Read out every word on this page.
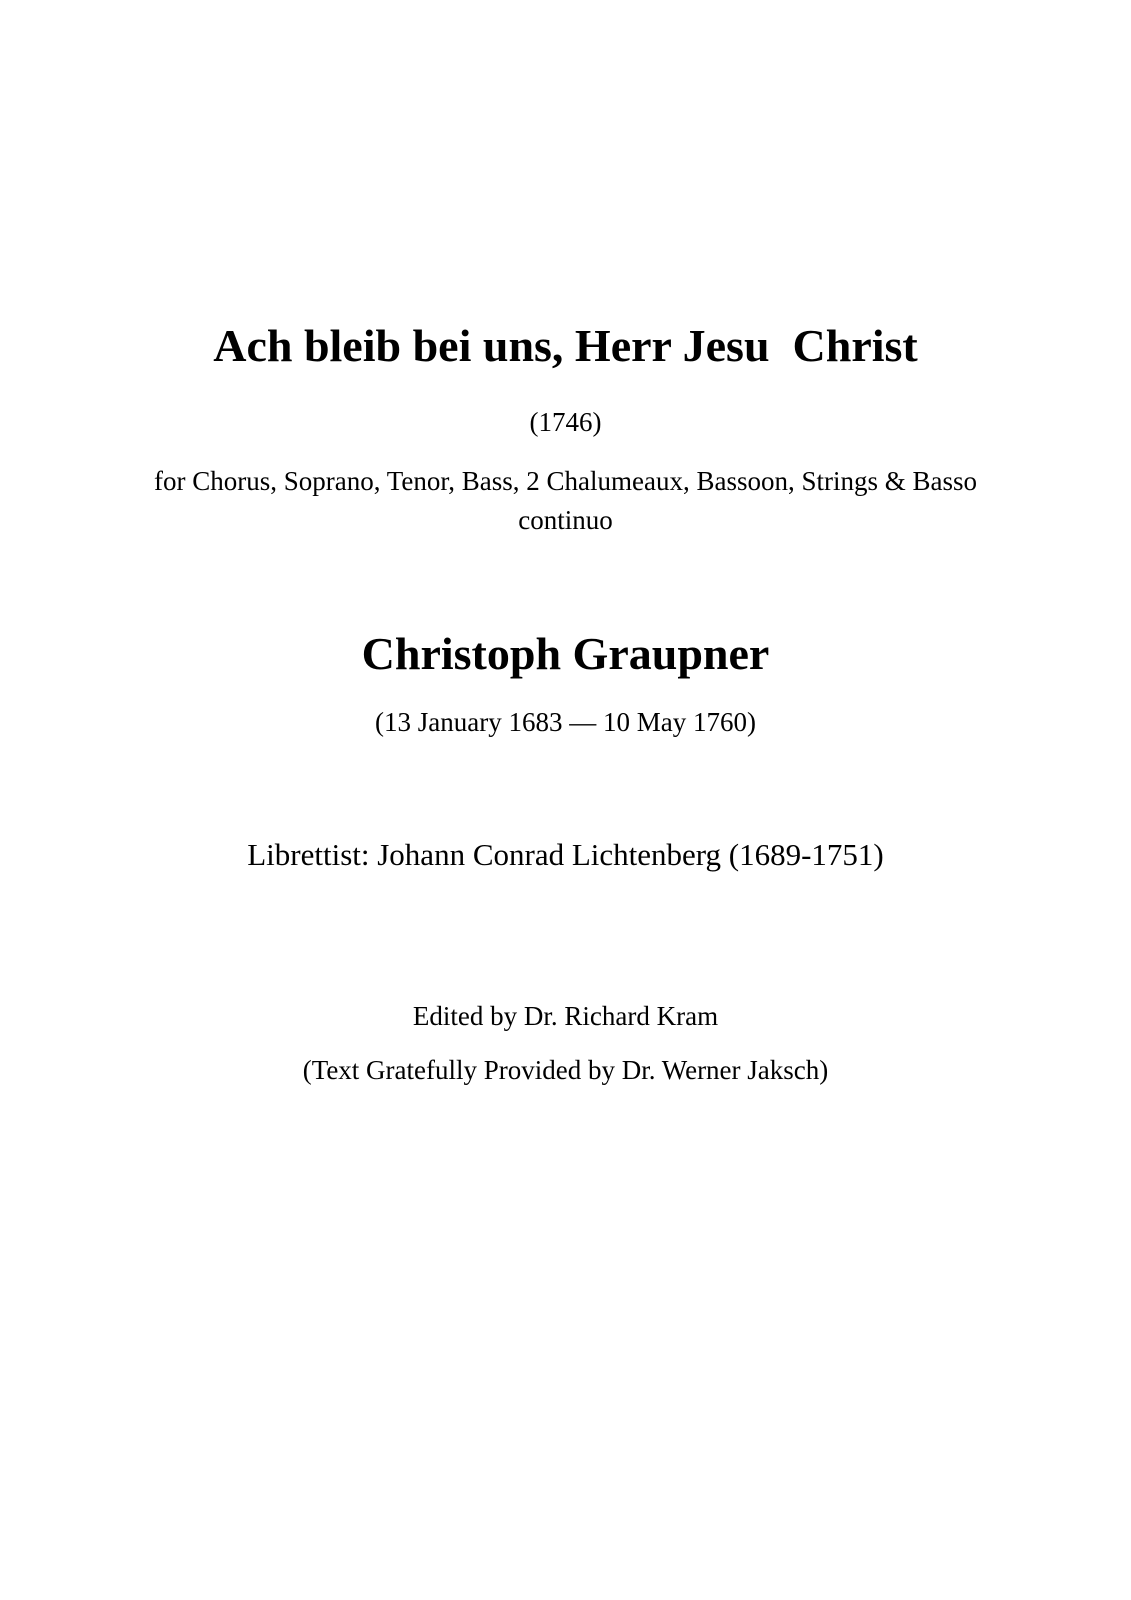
Ach bleib bei uns, Herr Jesu  Christ

(1746)

for Chorus, Soprano, Tenor, Bass, 2 Chalumeaux, Bassoon, Strings & Basso continuo

Christoph Graupner

(13 January 1683 — 10 May 1760)

Librettist: Johann Conrad Lichtenberg (1689-1751)

Edited by Dr. Richard Kram

(Text Gratefully Provided by Dr. Werner Jaksch)
